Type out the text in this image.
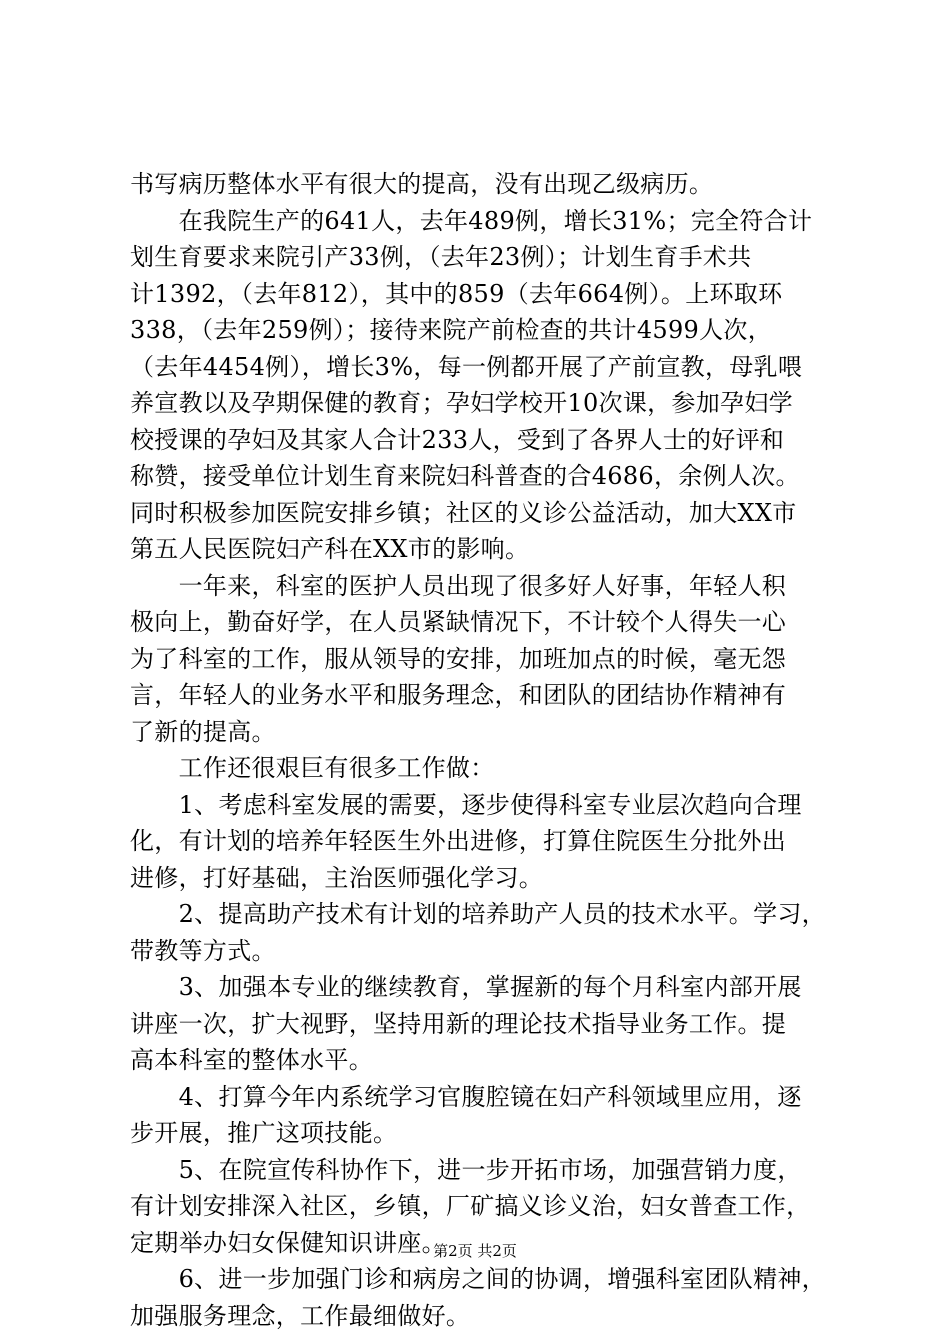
书写病历整体水平有很大的提高，没有出现乙级病历。
　　在我院生产的641人，去年489例，增长31%；完全符合计
划生育要求来院引产33例，（去年23例）；计划生育手术共
计1392，（去年812），其中的859（去年664例）。上环取环
338，（去年259例）；接待来院产前检查的共计4599人次，
（去年4454例），增长3%，每一例都开展了产前宣教，母乳喂
养宣教以及孕期保健的教育；孕妇学校开10次课，参加孕妇学
校授课的孕妇及其家人合计233人，受到了各界人士的好评和
称赞，接受单位计划生育来院妇科普查的合4686，余例人次。
同时积极参加医院安排乡镇；社区的义诊公益活动，加大XX市
第五人民医院妇产科在XX市的影响。
　　一年来，科室的医护人员出现了很多好人好事，年轻人积
极向上，勤奋好学，在人员紧缺情况下，不计较个人得失一心
为了科室的工作，服从领导的安排，加班加点的时候，毫无怨
言，年轻人的业务水平和服务理念，和团队的团结协作精神有
了新的提高。
　　工作还很艰巨有很多工作做：
　　1、考虑科室发展的需要，逐步使得科室专业层次趋向合理
化，有计划的培养年轻医生外出进修，打算住院医生分批外出
进修，打好基础，主治医师强化学习。
　　2、提高助产技术有计划的培养助产人员的技术水平。学习，
带教等方式。
　　3、加强本专业的继续教育，掌握新的每个月科室内部开展
讲座一次，扩大视野，坚持用新的理论技术指导业务工作。提
高本科室的整体水平。
　　4、打算今年内系统学习官腹腔镜在妇产科领域里应用，逐
步开展，推广这项技能。
　　5、在院宣传科协作下，进一步开拓市场，加强营销力度，
有计划安排深入社区，乡镇，厂矿搞义诊义治，妇女普查工作，
定期举办妇女保健知识讲座。
　　6、进一步加强门诊和病房之间的协调，增强科室团队精神，
加强服务理念，工作最细做好。
第2页 共2页
